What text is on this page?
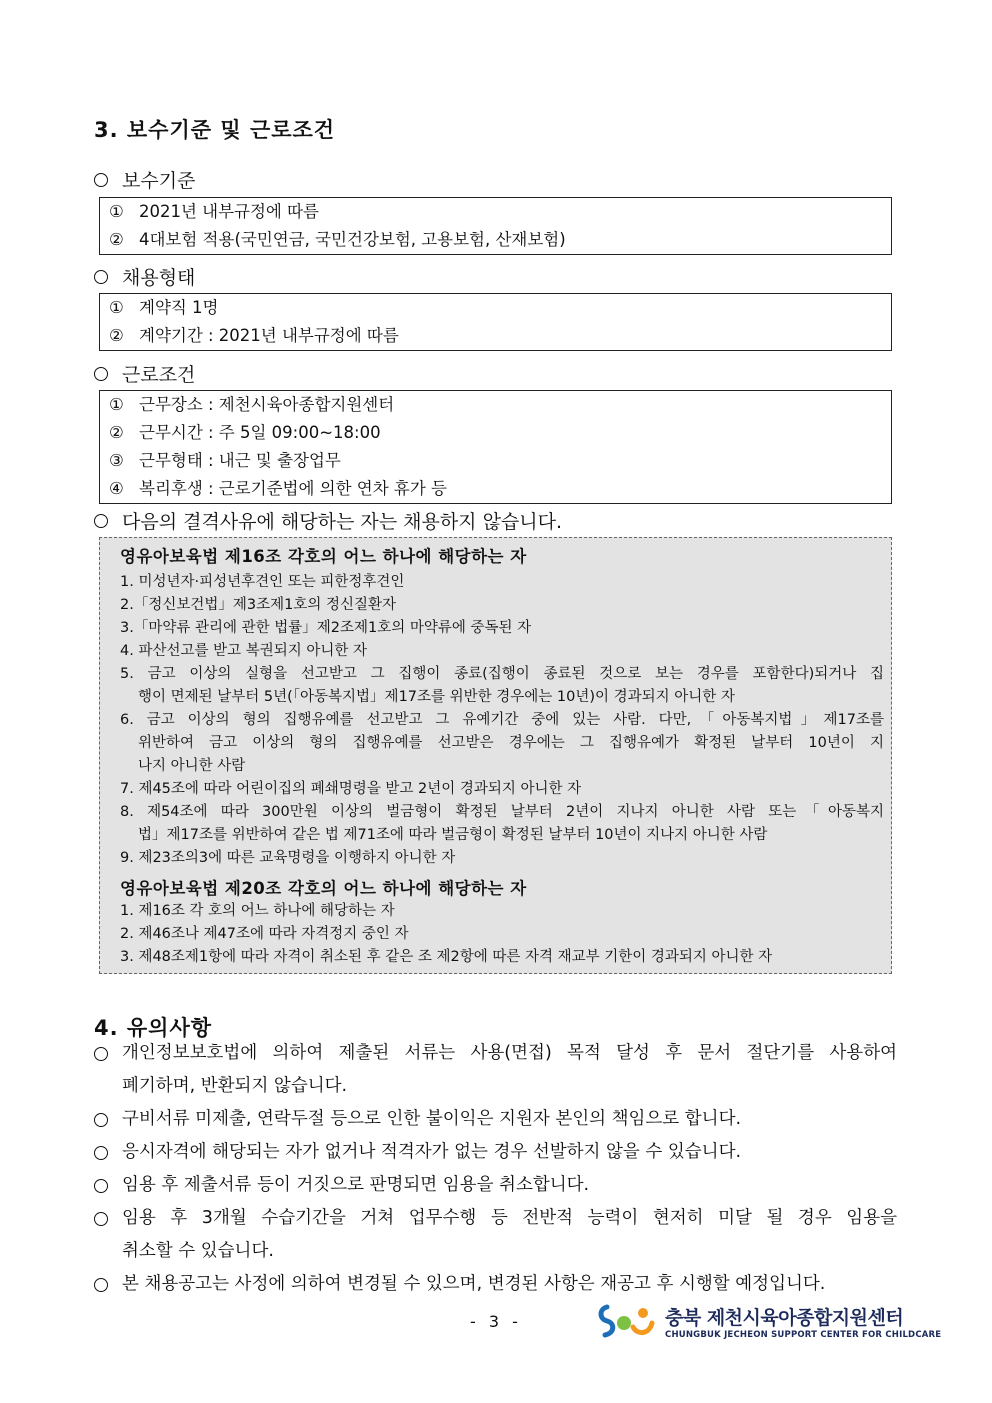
3. 보수기준 및 근로조건
보수기준
① 2021년 내부규정에 따름
② 4대보험 적용(국민연금, 국민건강보험, 고용보험, 산재보험)
채용형태
① 계약직 1명
② 계약기간 : 2021년 내부규정에 따름
근로조건
① 근무장소 : 제천시육아종합지원센터
② 근무시간 : 주 5일 09:00~18:00
③ 근무형태 : 내근 및 출장업무
④ 복리후생 : 근로기준법에 의한 연차 휴가 등
다음의 결격사유에 해당하는 자는 채용하지 않습니다.
영유아보육법 제16조 각호의 어느 하나에 해당하는 자
1. 미성년자·피성년후견인 또는 피한정후견인
2.「정신보건법」제3조제1호의 정신질환자
3.「마약류 관리에 관한 법률」제2조제1호의 마약류에 중독된 자
4. 파산선고를 받고 복권되지 아니한 자
5. 금고 이상의 실형을 선고받고 그 집행이 종료(집행이 종료된 것으로 보는 경우를 포함한다)되거나 집
행이 면제된 날부터 5년(「아동복지법」제17조를 위반한 경우에는 10년)이 경과되지 아니한 자
6. 금고 이상의 형의 집행유예를 선고받고 그 유예기간 중에 있는 사람. 다만,「아동복지법」제17조를
위반하여 금고 이상의 형의 집행유예를 선고받은 경우에는 그 집행유예가 확정된 날부터 10년이 지
나지 아니한 사람
7. 제45조에 따라 어린이집의 폐쇄명령을 받고 2년이 경과되지 아니한 자
8. 제54조에 따라 300만원 이상의 벌금형이 확정된 날부터 2년이 지나지 아니한 사람 또는「아동복지
법」제17조를 위반하여 같은 법 제71조에 따라 벌금형이 확정된 날부터 10년이 지나지 아니한 사람
9. 제23조의3에 따른 교육명령을 이행하지 아니한 자
영유아보육법 제20조 각호의 어느 하나에 해당하는 자
1. 제16조 각 호의 어느 하나에 해당하는 자
2. 제46조나 제47조에 따라 자격정지 중인 자
3. 제48조제1항에 따라 자격이 취소된 후 같은 조 제2항에 따른 자격 재교부 기한이 경과되지 아니한 자
4. 유의사항
개인정보보호법에 의하여 제출된 서류는 사용(면접) 목적 달성 후 문서 절단기를 사용하여
폐기하며, 반환되지 않습니다.
구비서류 미제출, 연락두절 등으로 인한 불이익은 지원자 본인의 책임으로 합니다.
응시자격에 해당되는 자가 없거나 적격자가 없는 경우 선발하지 않을 수 있습니다.
임용 후 제출서류 등이 거짓으로 판명되면 임용을 취소합니다.
임용 후 3개월 수습기간을 거쳐 업무수행 등 전반적 능력이 현저히 미달 될 경우 임용을
취소할 수 있습니다.
본 채용공고는 사정에 의하여 변경될 수 있으며, 변경된 사항은 재공고 후 시행할 예정입니다.
- 3 -	충북 제천시육아종합지원센터
CHUNGBUK JECHEON SUPPORT CENTER FOR CHILDCARE
